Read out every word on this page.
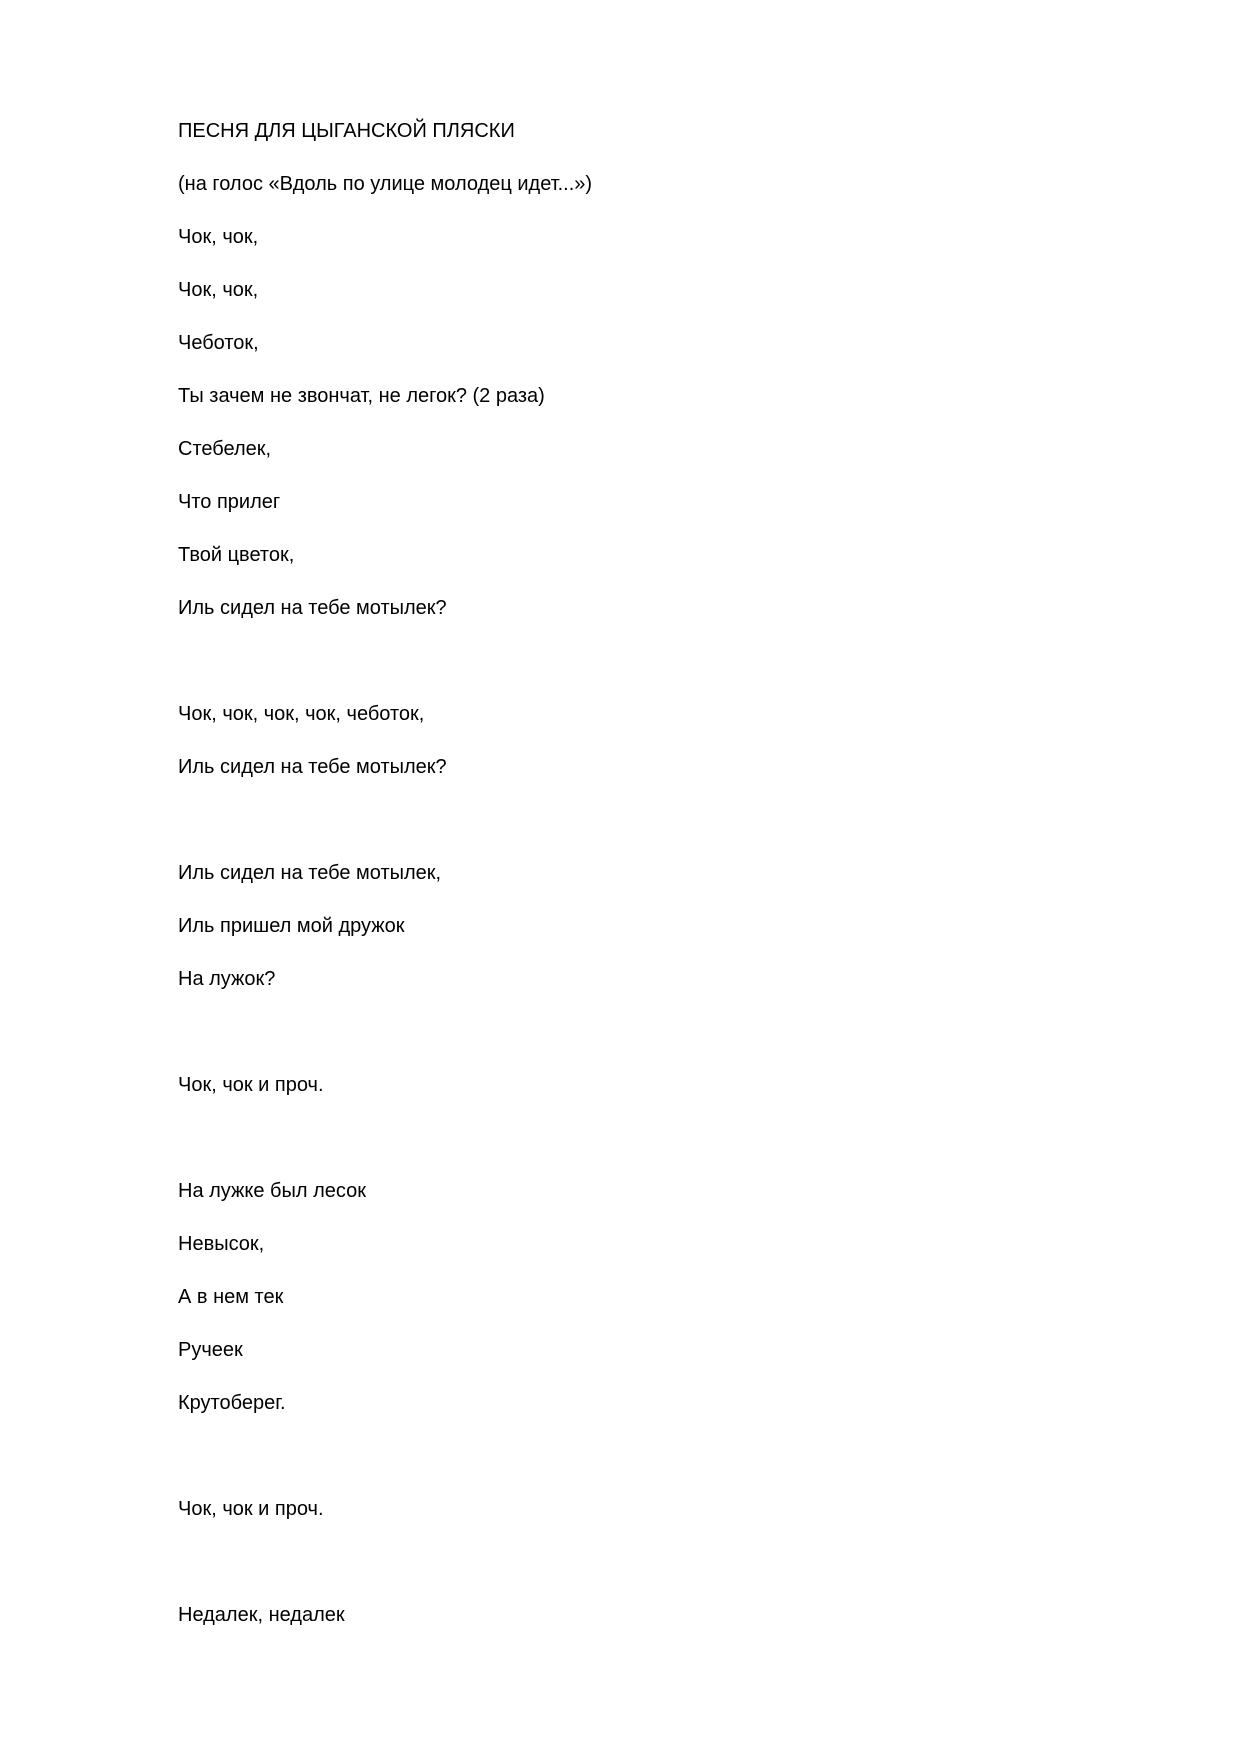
ПЕСНЯ ДЛЯ ЦЫГАНСКОЙ ПЛЯСКИ

(на голос «Вдоль по улице молодец идет...»)

Чок, чок,

Чок, чок,

Чеботок,

Ты зачем не звончат, не легок? (2 раза)

Стебелек,

Что прилег

Твой цветок,

Иль сидел на тебе мотылек?

Чок, чок, чок, чок, чеботок,

Иль сидел на тебе мотылек?

Иль сидел на тебе мотылек,

Иль пришел мой дружок

На лужок?

Чок, чок и проч.

На лужке был лесок

Невысок,

А в нем тек

Ручеек

Крутоберег.

Чок, чок и проч.

Недалек, недалек
